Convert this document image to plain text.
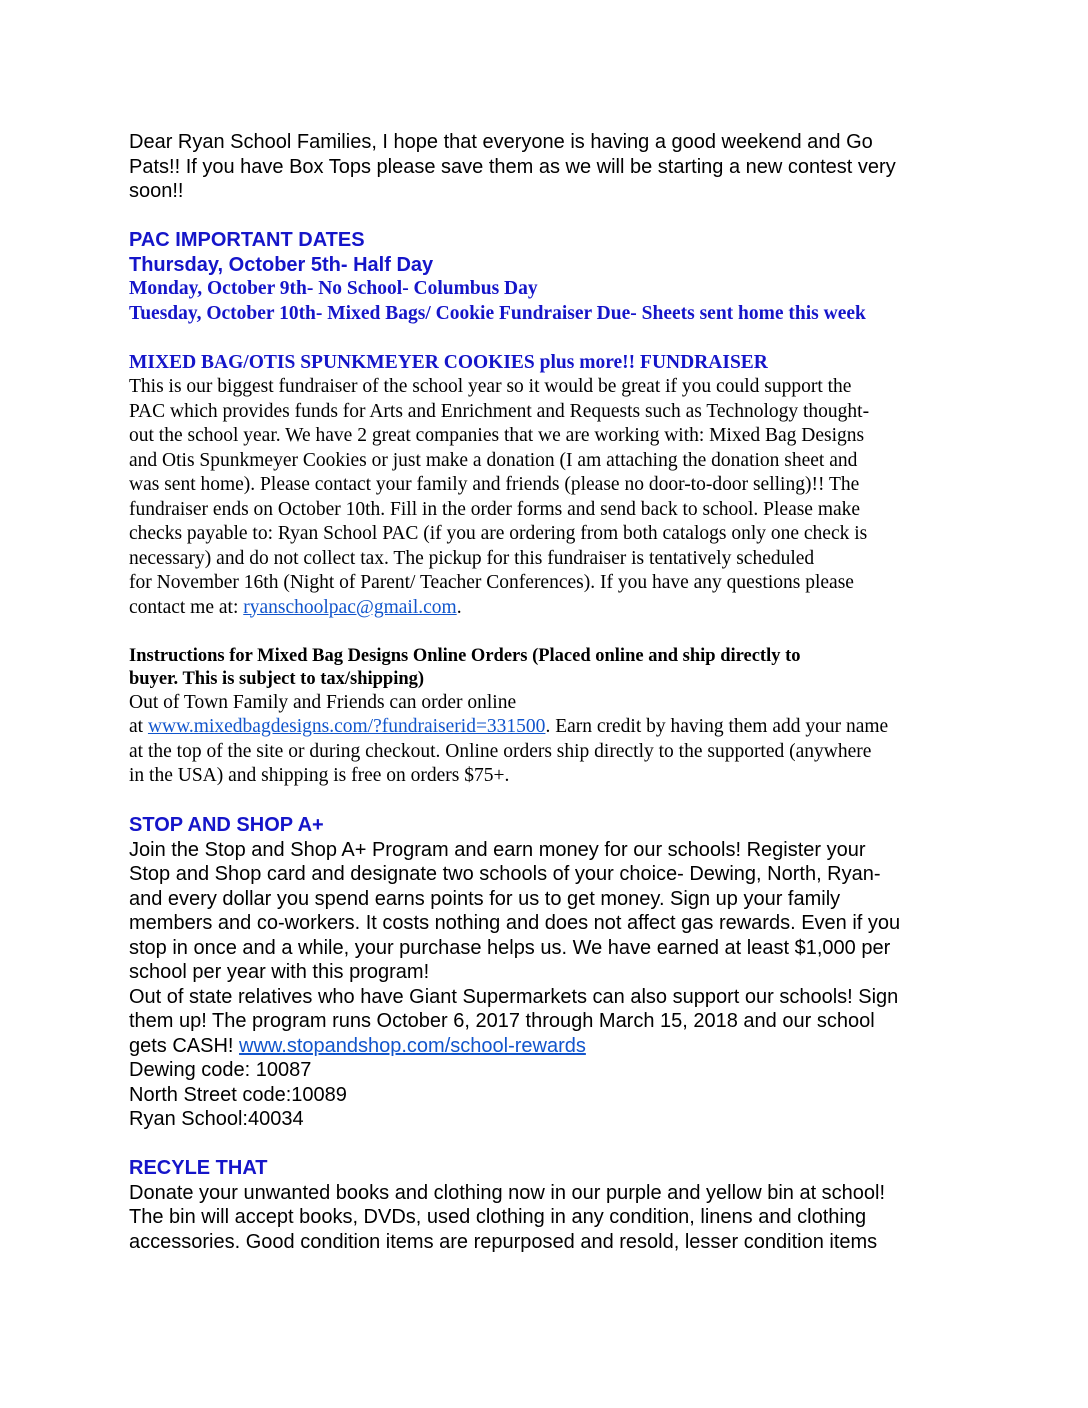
Dear Ryan School Families, I hope that everyone is having a good weekend and Go

Pats!! If you have Box Tops please save them as we will be starting a new contest very

soon!!

PAC IMPORTANT DATES

Thursday, October 5th- Half Day

Monday, October 9th- No School- Columbus Day

Tuesday, October 10th- Mixed Bags/ Cookie Fundraiser Due- Sheets sent home this week

MIXED BAG/OTIS SPUNKMEYER COOKIES plus more!! FUNDRAISER

This is our biggest fundraiser of the school year so it would be great if you could support the

PAC which provides funds for Arts and Enrichment and Requests such as Technology thought-

out the school year. We have 2 great companies that we are working with: Mixed Bag Designs

and Otis Spunkmeyer Cookies or just make a donation (I am attaching the donation sheet and

was sent home). Please contact your family and friends (please no door-to-door selling)!! The

fundraiser ends on October 10th. Fill in the order forms and send back to school. Please make

checks payable to: Ryan School PAC (if you are ordering from both catalogs only one check is

necessary) and do not collect tax. The pickup for this fundraiser is tentatively scheduled

for November 16th (Night of Parent/ Teacher Conferences). If you have any questions please

contact me at: ryanschoolpac@gmail.com.

Instructions for Mixed Bag Designs Online Orders (Placed online and ship directly to

buyer. This is subject to tax/shipping)

Out of Town Family and Friends can order online

at www.mixedbagdesigns.com/?fundraiserid=331500. Earn credit by having them add your name

at the top of the site or during checkout. Online orders ship directly to the supported (anywhere

in the USA) and shipping is free on orders $75+.

STOP AND SHOP A+

Join the Stop and Shop A+ Program and earn money for our schools! Register your

Stop and Shop card and designate two schools of your choice- Dewing, North, Ryan-

and every dollar you spend earns points for us to get money. Sign up your family

members and co-workers. It costs nothing and does not affect gas rewards. Even if you

stop in once and a while, your purchase helps us. We have earned at least $1,000 per

school per year with this program!

Out of state relatives who have Giant Supermarkets can also support our schools! Sign

them up! The program runs October 6, 2017 through March 15, 2018 and our school

gets CASH! www.stopandshop.com/school-rewards

Dewing code: 10087

North Street code:10089

Ryan School:40034

RECYLE THAT

Donate your unwanted books and clothing now in our purple and yellow bin at school!

The bin will accept books, DVDs, used clothing in any condition, linens and clothing

accessories. Good condition items are repurposed and resold, lesser condition items
